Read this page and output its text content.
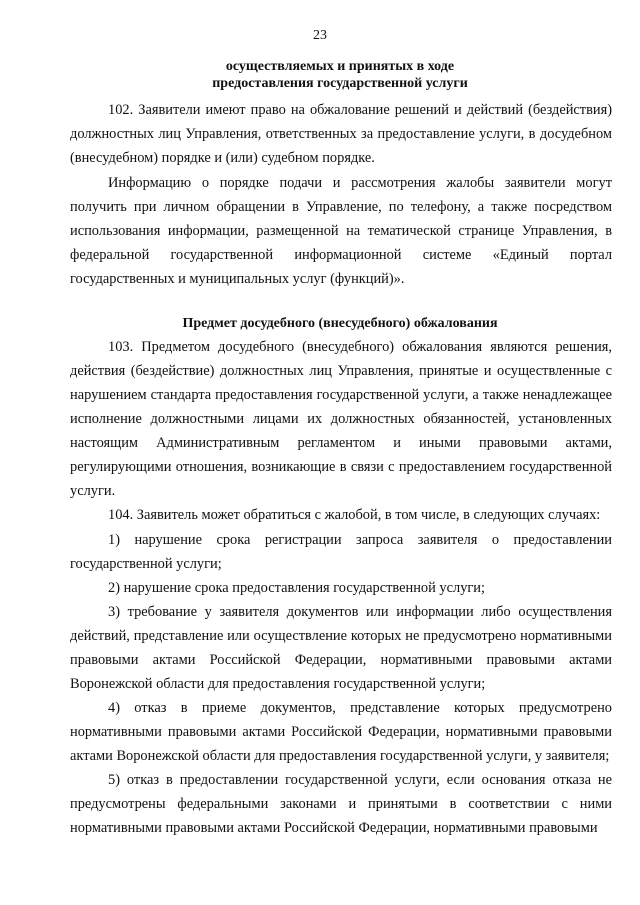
23
осуществляемых и принятых в ходе
предоставления государственной услуги

102. Заявители имеют право на обжалование решений и действий (бездействия) должностных лиц Управления, ответственных за предоставление услуги, в досудебном (внесудебном) порядке и (или) судебном порядке.

Информацию о порядке подачи и рассмотрения жалобы заявители могут получить при личном обращении в Управление, по телефону, а также посредством использования информации, размещенной на тематической странице Управления, в федеральной государственной информационной системе «Единый портал государственных и муниципальных услуг (функций)».

Предмет досудебного (внесудебного) обжалования

103. Предметом досудебного (внесудебного) обжалования являются решения, действия (бездействие) должностных лиц Управления, принятые и осуществленные с нарушением стандарта предоставления государственной услуги, а также ненадлежащее исполнение должностными лицами их должностных обязанностей, установленных настоящим Административным регламентом и иными правовыми актами, регулирующими отношения, возникающие в связи с предоставлением государственной услуги.

104. Заявитель может обратиться с жалобой, в том числе, в следующих случаях:

1) нарушение срока регистрации запроса заявителя о предоставлении государственной услуги;

2) нарушение срока предоставления государственной услуги;

3) требование у заявителя документов или информации либо осуществления действий, представление или осуществление которых не предусмотрено нормативными правовыми актами Российской Федерации, нормативными правовыми актами Воронежской области для предоставления государственной услуги;

4) отказ в приеме документов, представление которых предусмотрено нормативными правовыми актами Российской Федерации, нормативными правовыми актами Воронежской области для предоставления государственной услуги, у заявителя;

5) отказ в предоставлении государственной услуги, если основания отказа не предусмотрены федеральными законами и принятыми в соответствии с ними нормативными правовыми актами Российской Федерации, нормативными правовыми
